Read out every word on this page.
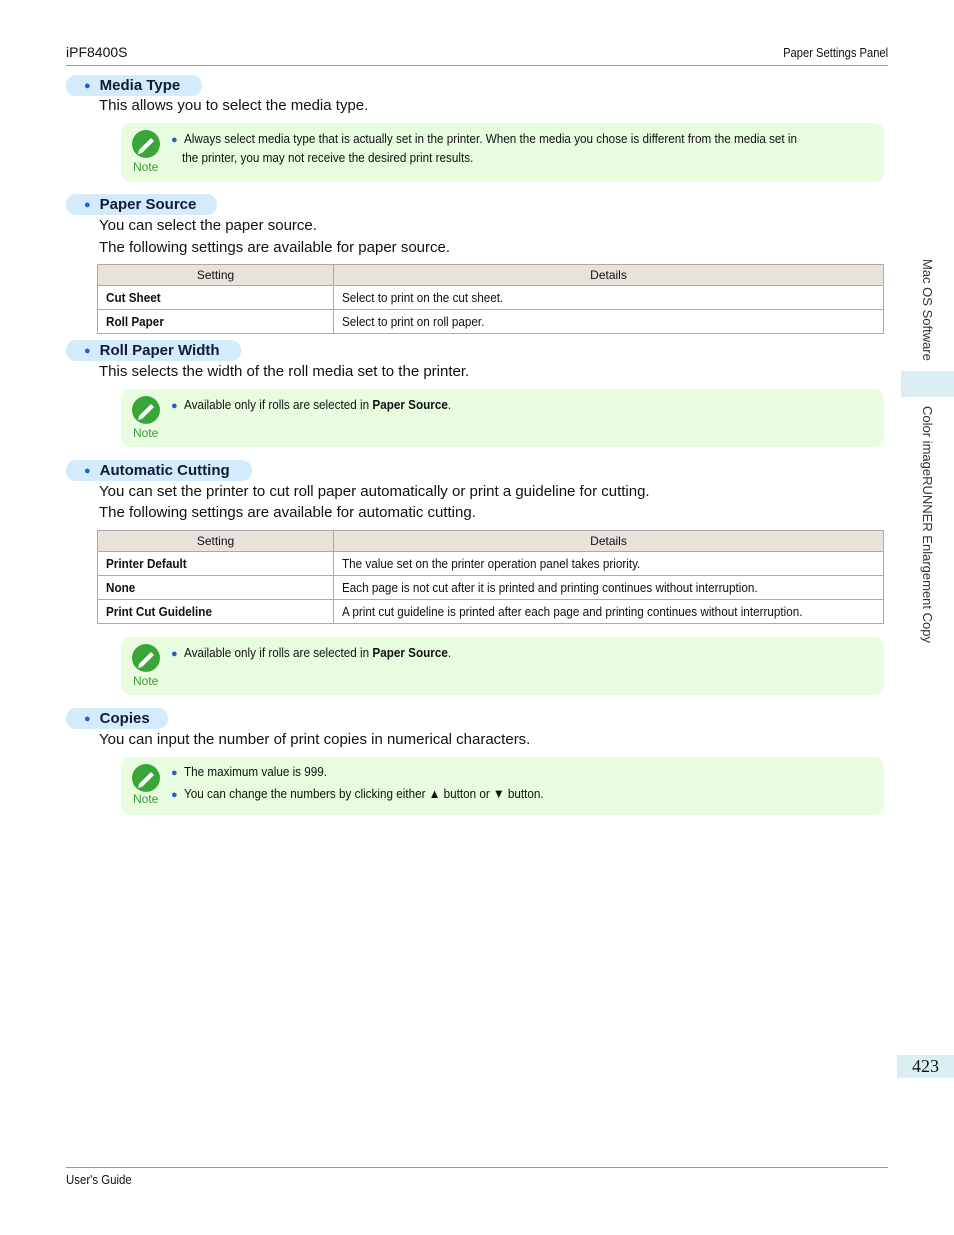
iPF8400S	Paper Settings Panel
User's Guide
Mac OS Software
Color imageRUNNER Enlargement Copy
423
● Media Type
This allows you to select the media type.
Note
● Always select media type that is actually set in the printer. When the media you chose is different from the media set in
the printer, you may not receive the desired print results.
● Paper Source
You can select the paper source.
The following settings are available for paper source.
Setting	Details
Cut Sheet	Select to print on the cut sheet.
Roll Paper	Select to print on roll paper.
● Roll Paper Width
This selects the width of the roll media set to the printer.
Note
● Available only if rolls are selected in Paper Source.
● Automatic Cutting
You can set the printer to cut roll paper automatically or print a guideline for cutting.
The following settings are available for automatic cutting.
Setting	Details
Printer Default	The value set on the printer operation panel takes priority.
None	Each page is not cut after it is printed and printing continues without interruption.
Print Cut Guideline	A print cut guideline is printed after each page and printing continues without interruption.
Note
● Available only if rolls are selected in Paper Source.
● Copies
You can input the number of print copies in numerical characters.
Note
● The maximum value is 999.
● You can change the numbers by clicking either ▲ button or ▼ button.
